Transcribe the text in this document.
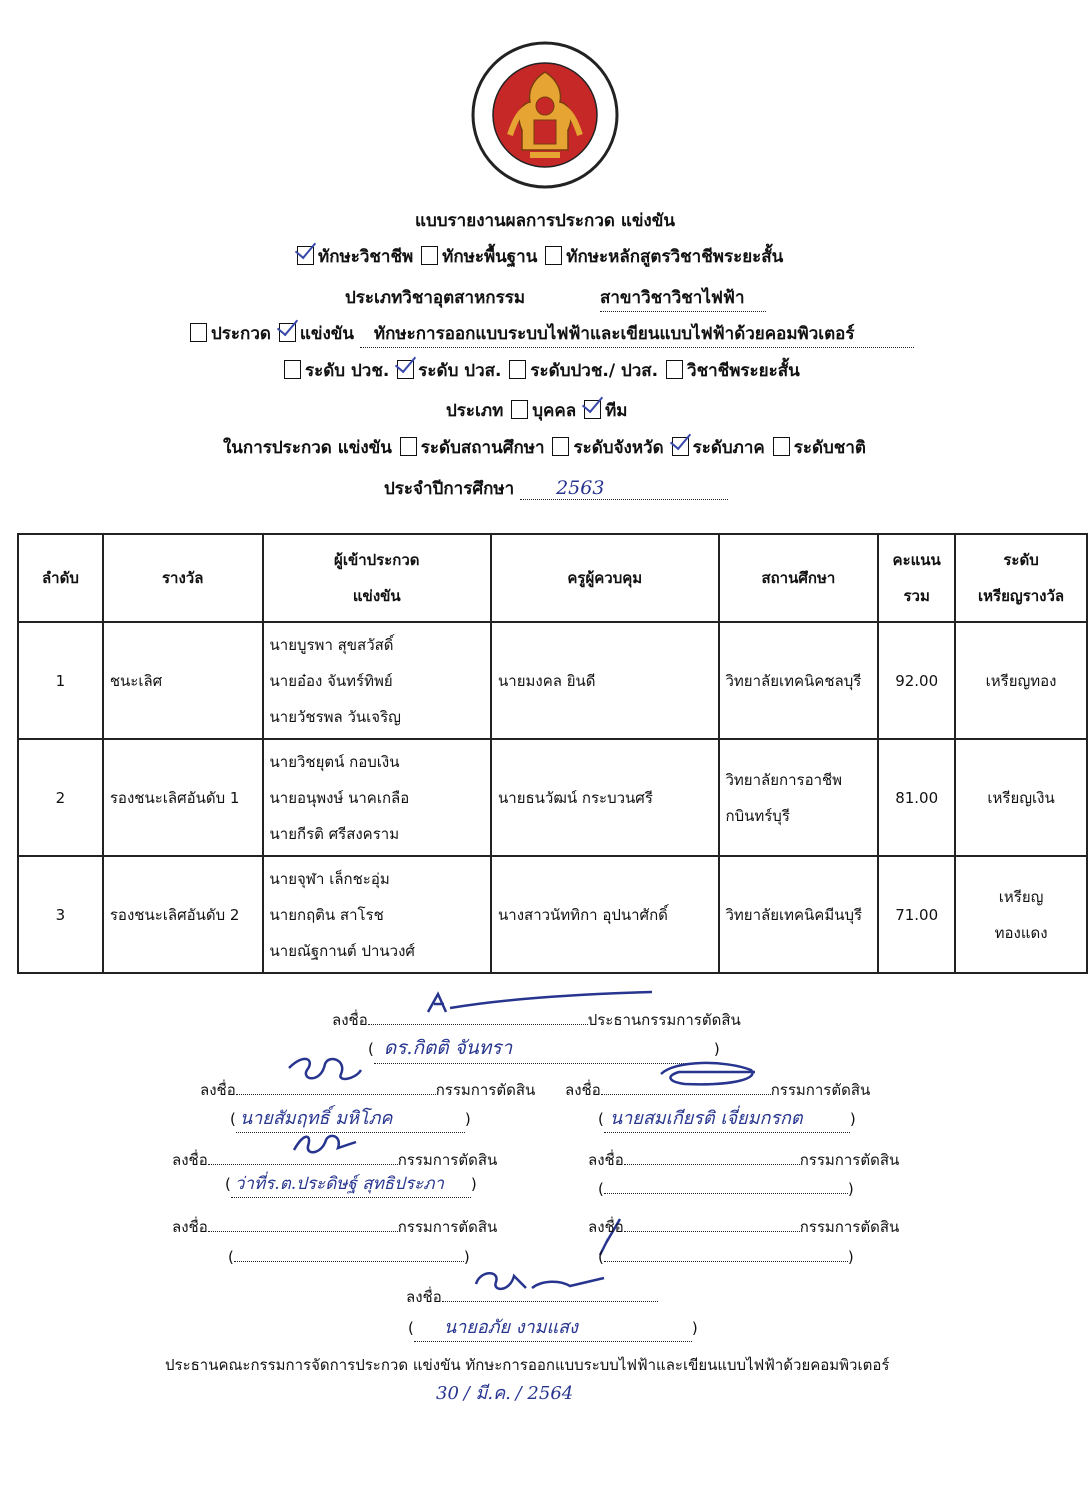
แบบรายงานผลการประกวด แข่งขัน
ทักษะวิชาชีพ ทักษะพื้นฐาน ทักษะหลักสูตรวิชาชีพระยะสั้น
ประเภทวิชาอุตสาหกรรม	สาขาวิชาวิชาไฟฟ้า
ประกวด แข่งขัน ทักษะการออกแบบระบบไฟฟ้าและเขียนแบบไฟฟ้าด้วยคอมพิวเตอร์
ระดับ ปวช. ระดับ ปวส. ระดับปวช./ ปวส. วิชาชีพระยะสั้น
ประเภท บุคคล ทีม
ในการประกวด แข่งขัน ระดับสถานศึกษา ระดับจังหวัด ระดับภาค ระดับชาติ
ประจำปีการศึกษา 2563
ลำดับ	รางวัล	ผู้เข้าประกวด
แข่งขัน	ครูผู้ควบคุม	สถานศึกษา	คะแนน
รวม	ระดับ
เหรียญรางวัล
1	ชนะเลิศ	นายบูรพา สุขสวัสดิ์
นายอ๋อง จันทร์ทิพย์
นายวัชรพล วันเจริญ	นายมงคล ยินดี	วิทยาลัยเทคนิคชลบุรี	92.00	เหรียญทอง
2	รองชนะเลิศอันดับ 1	นายวิชยุตน์ กอบเงิน
นายอนุพงษ์ นาคเกลือ
นายกีรติ ศรีสงคราม	นายธนวัฒน์ กระบวนศรี	วิทยาลัยการอาชีพ
กบินทร์บุรี	81.00	เหรียญเงิน
3	รองชนะเลิศอันดับ 2	นายจุฬา เล็กชะอุ่ม
นายกฤติน สาโรช
นายณัฐกานต์ ปานวงศ์	นางสาวนัททิกา อุปนาศักดิ์	วิทยาลัยเทคนิคมีนบุรี	71.00	เหรียญ
ทองแดง
ลงชื่อ	ประธานกรรมการตัดสิน
( ดร.กิตติ จันทรา	)
ลงชื่อ	กรรมการตัดสิน
( นายสัมฤทธิ์ มหิโภค	)
ลงชื่อ	กรรมการตัดสิน
( นายสมเกียรติ เจี่ยมกรกต	)
ลงชื่อ	กรรมการตัดสิน
( ว่าที่ร.ต.ประดิษฐ์ สุทธิประภา )
ลงชื่อ	กรรมการตัดสิน
(	)
ลงชื่อ	กรรมการตัดสิน
(	)
ลงชื่อ	กรรมการตัดสิน
(	)
ลงชื่อ
( นายอภัย งามแสง	)
ประธานคณะกรรมการจัดการประกวด แข่งขัน ทักษะการออกแบบระบบไฟฟ้าและเขียนแบบไฟฟ้าด้วยคอมพิวเตอร์
30 / มี.ค. / 2564
